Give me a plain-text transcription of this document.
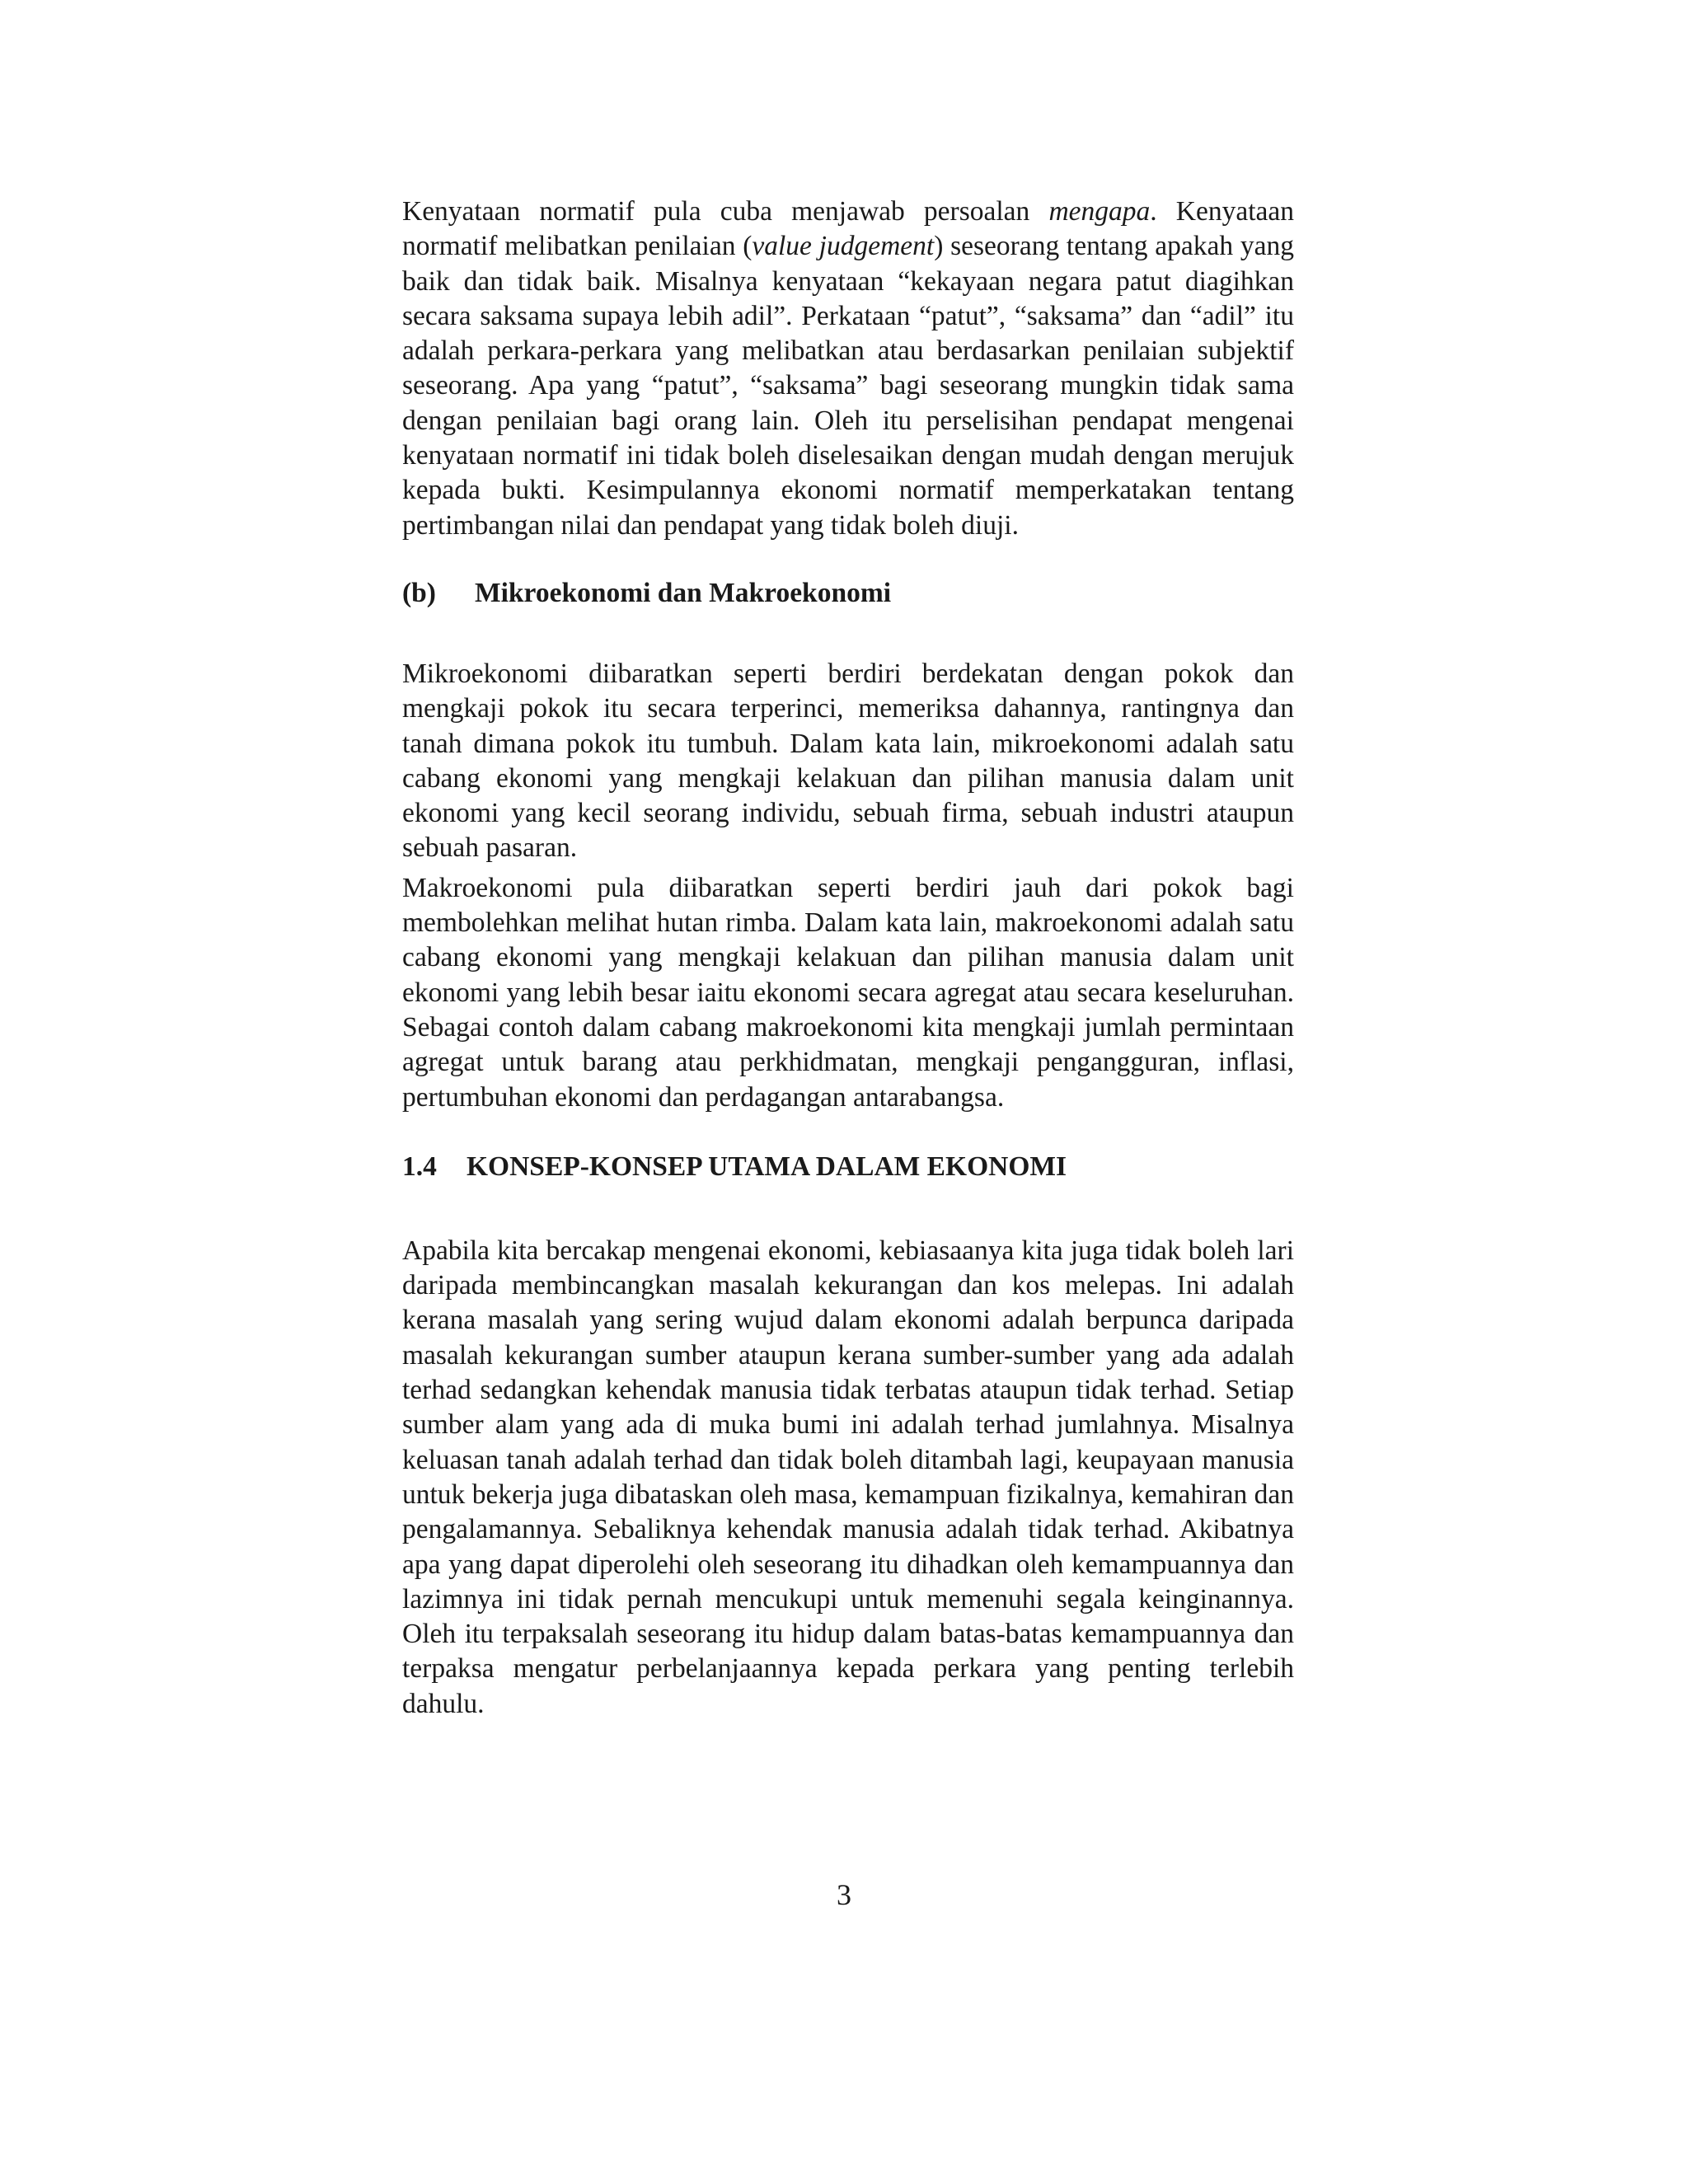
Kenyataan normatif pula cuba menjawab persoalan mengapa. Kenyataan normatif melibatkan penilaian (value judgement) seseorang tentang apakah yang baik dan tidak baik. Misalnya kenyataan “kekayaan negara patut diagihkan secara saksama supaya lebih adil”. Perkataan “patut”, “saksama” dan “adil” itu adalah perkara-perkara yang melibatkan atau berdasarkan penilaian subjektif seseorang. Apa yang “patut”, “saksama” bagi seseorang mungkin tidak sama dengan penilaian bagi orang lain. Oleh itu perselisihan pendapat mengenai kenyataan normatif ini tidak boleh diselesaikan dengan mudah dengan merujuk kepada bukti. Kesimpulannya ekonomi normatif memperkatakan tentang pertimbangan nilai dan pendapat yang tidak boleh diuji.

(b)	Mikroekonomi dan Makroekonomi

Mikroekonomi diibaratkan seperti berdiri berdekatan dengan pokok dan mengkaji pokok itu secara terperinci, memeriksa dahannya, rantingnya dan tanah dimana pokok itu tumbuh. Dalam kata lain, mikroekonomi adalah satu cabang ekonomi yang mengkaji kelakuan dan pilihan manusia dalam unit ekonomi yang kecil seorang individu, sebuah firma, sebuah industri ataupun sebuah pasaran.

Makroekonomi pula diibaratkan seperti berdiri jauh dari pokok bagi membolehkan melihat hutan rimba. Dalam kata lain, makroekonomi adalah satu cabang ekonomi yang mengkaji kelakuan dan pilihan manusia dalam unit ekonomi yang lebih besar iaitu ekonomi secara agregat atau secara keseluruhan. Sebagai contoh dalam cabang makroekonomi kita mengkaji jumlah permintaan agregat untuk barang atau perkhidmatan, mengkaji pengangguran, inflasi, pertumbuhan ekonomi dan perdagangan antarabangsa.

1.4	KONSEP-KONSEP UTAMA DALAM EKONOMI

Apabila kita bercakap mengenai ekonomi, kebiasaanya kita juga tidak boleh lari daripada membincangkan masalah kekurangan dan kos melepas. Ini adalah kerana masalah yang sering wujud dalam ekonomi adalah berpunca daripada masalah kekurangan sumber ataupun kerana sumber-sumber yang ada adalah terhad sedangkan kehendak manusia tidak terbatas ataupun tidak terhad. Setiap sumber alam yang ada di muka bumi ini adalah terhad jumlahnya. Misalnya keluasan tanah adalah terhad dan tidak boleh ditambah lagi, keupayaan manusia untuk bekerja juga dibataskan oleh masa, kemampuan fizikalnya, kemahiran dan pengalamannya. Sebaliknya kehendak manusia adalah tidak terhad. Akibatnya apa yang dapat diperolehi oleh seseorang itu dihadkan oleh kemampuannya dan lazimnya ini tidak pernah mencukupi untuk memenuhi segala keinginannya. Oleh itu terpaksalah seseorang itu hidup dalam batas-batas kemampuannya dan terpaksa mengatur perbelanjaannya kepada perkara yang penting terlebih dahulu.

3
